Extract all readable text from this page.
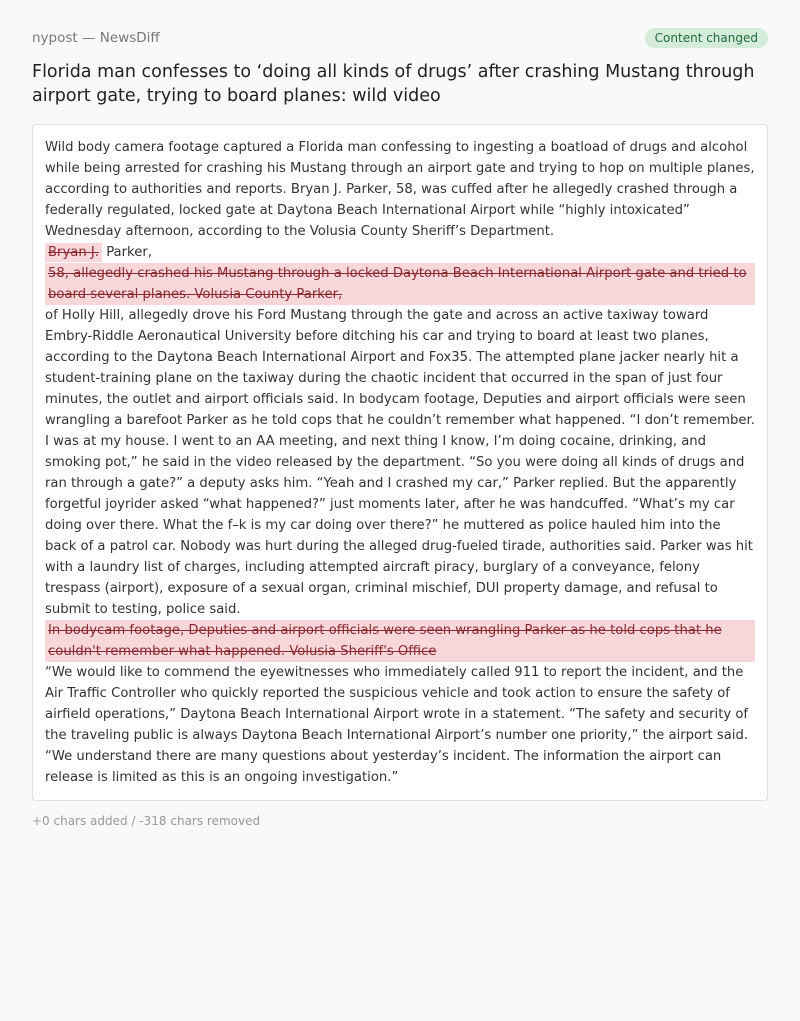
nypost — NewsDiff	Content changed
Florida man confesses to ‘doing all kinds of drugs’ after crashing Mustang through airport gate, trying to board planes: wild video
Wild body camera footage captured a Florida man confessing to ingesting a boatload of drugs and alcohol while being arrested for crashing his Mustang through an airport gate and trying to hop on multiple planes, according to authorities and reports. Bryan J. Parker, 58, was cuffed after he allegedly crashed through a federally regulated, locked gate at Daytona Beach International Airport while “highly intoxicated” Wednesday afternoon, according to the Volusia County Sheriff’s Department.
Bryan J. Parker,
58, allegedly crashed his Mustang through a locked Daytona Beach International Airport gate and tried to board several planes. Volusia County Parker,
of Holly Hill, allegedly drove his Ford Mustang through the gate and across an active taxiway toward Embry-Riddle Aeronautical University before ditching his car and trying to board at least two planes, according to the Daytona Beach International Airport and Fox35. The attempted plane jacker nearly hit a student-training plane on the taxiway during the chaotic incident that occurred in the span of just four minutes, the outlet and airport officials said. In bodycam footage, Deputies and airport officials were seen wrangling a barefoot Parker as he told cops that he couldn’t remember what happened. “I don’t remember. I was at my house. I went to an AA meeting, and next thing I know, I’m doing cocaine, drinking, and smoking pot,” he said in the video released by the department. “So you were doing all kinds of drugs and ran through a gate?” a deputy asks him. “Yeah and I crashed my car,” Parker replied. But the apparently forgetful joyrider asked “what happened?” just moments later, after he was handcuffed. “What’s my car doing over there. What the f–k is my car doing over there?” he muttered as police hauled him into the back of a patrol car. Nobody was hurt during the alleged drug-fueled tirade, authorities said. Parker was hit with a laundry list of charges, including attempted aircraft piracy, burglary of a conveyance, felony trespass (airport), exposure of a sexual organ, criminal mischief, DUI property damage, and refusal to submit to testing, police said.
In bodycam footage, Deputies and airport officials were seen wrangling Parker as he told cops that he couldn't remember what happened. Volusia Sheriff's Office
“We would like to commend the eyewitnesses who immediately called 911 to report the incident, and the Air Traffic Controller who quickly reported the suspicious vehicle and took action to ensure the safety of airfield operations,” Daytona Beach International Airport wrote in a statement. “The safety and security of the traveling public is always Daytona Beach International Airport’s number one priority,” the airport said. “We understand there are many questions about yesterday’s incident. The information the airport can release is limited as this is an ongoing investigation.”
+0 chars added / -318 chars removed
